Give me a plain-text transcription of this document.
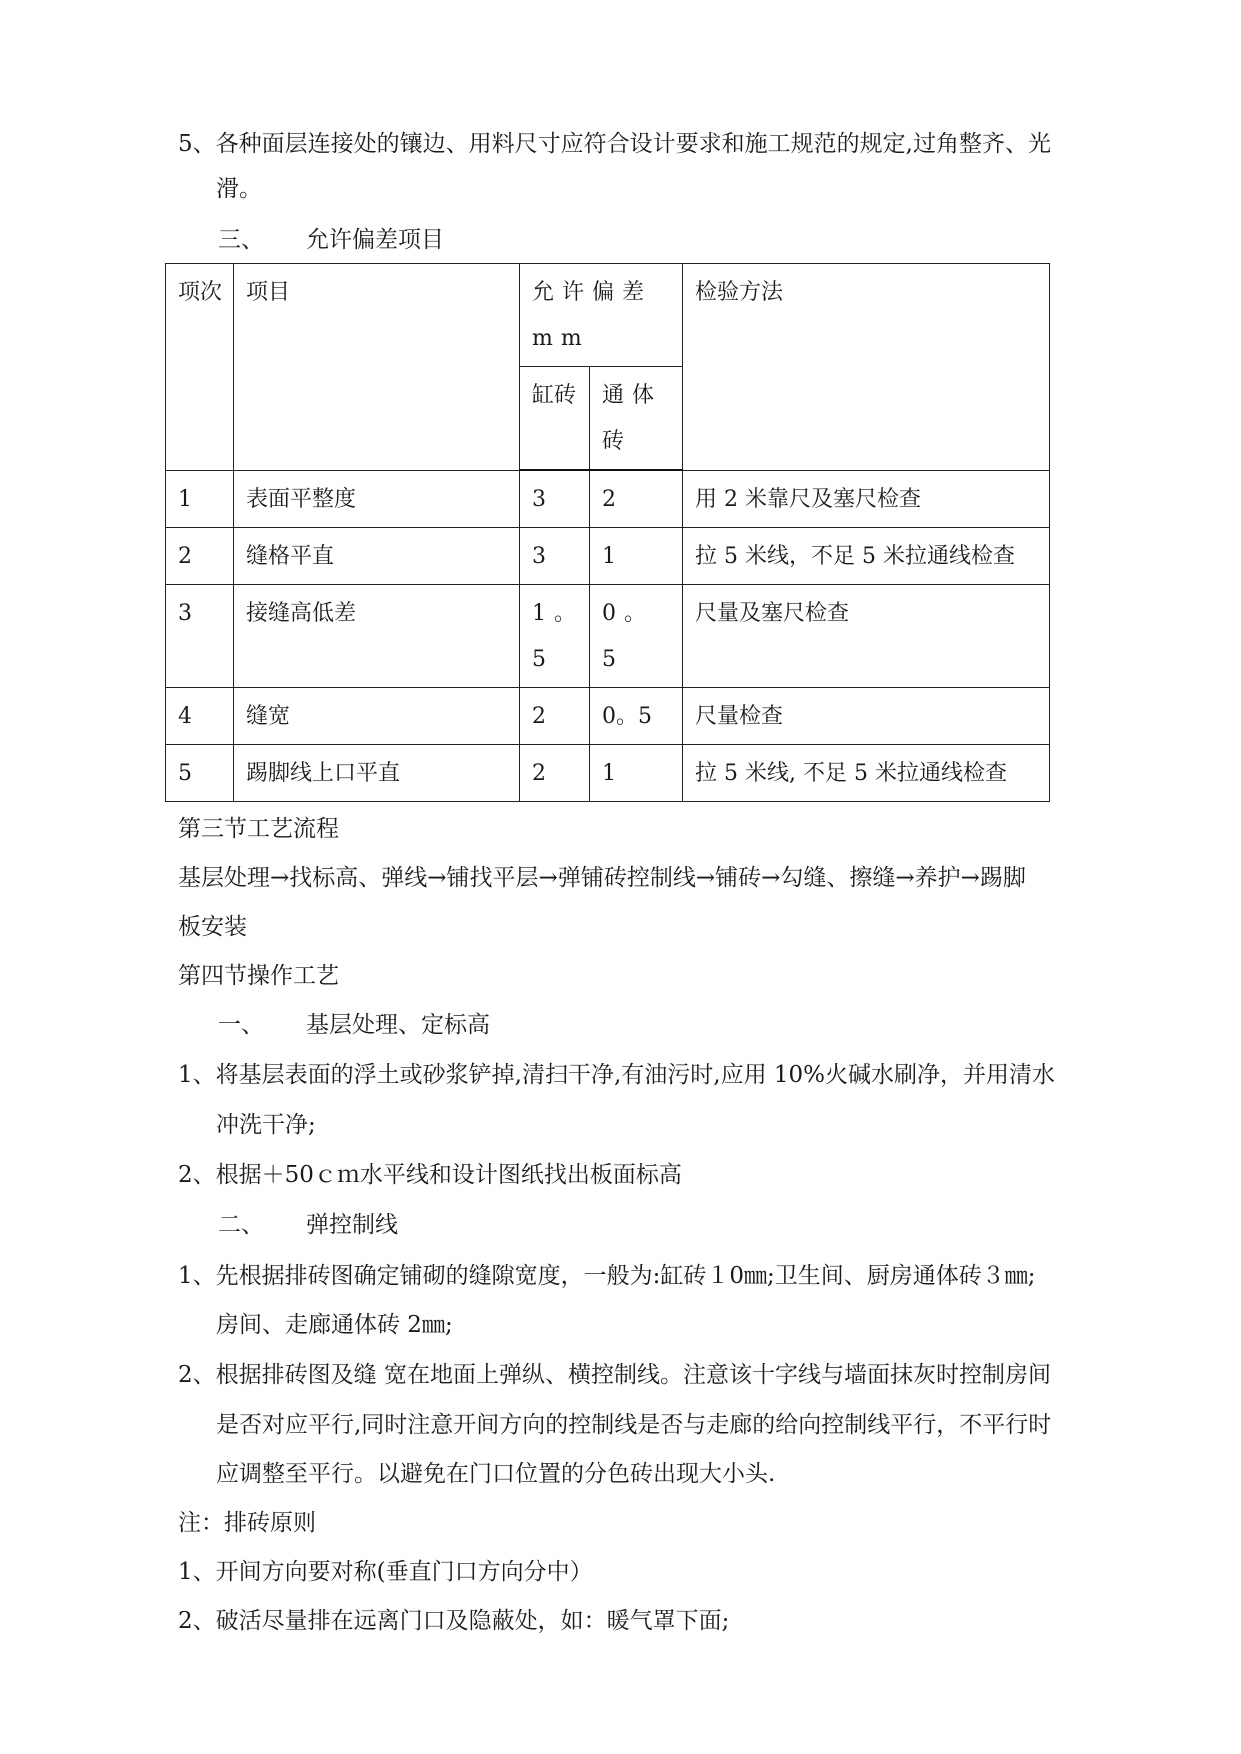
5、各种面层连接处的镶边、用料尺寸应符合设计要求和施工规范的规定,过角整齐、光
滑。
三、 允许偏差项目
项次	项目	允许偏差 mm		检验方法
		缸砖	通体砖	
1	表面平整度	3	2	用 2 米靠尺及塞尺检查
2	缝格平直	3	1	拉 5 米线，不足 5 米拉通线检查
3	接缝高低差	1。5	0。5	尺量及塞尺检查
4	缝宽	2	0。5	尺量检查
5	踢脚线上口平直	2	1	拉 5 米线, 不足 5 米拉通线检查
第三节工艺流程
基层处理→找标高、弹线→铺找平层→弹铺砖控制线→铺砖→勾缝、擦缝→养护→踢脚
板安装
第四节操作工艺
一、 基层处理、定标高
1、将基层表面的浮土或砂浆铲掉,清扫干净,有油污时,应用 10%火碱水刷净，并用清水
冲洗干净;
2、根据＋50ｃｍ水平线和设计图纸找出板面标高
二、 弹控制线
1、先根据排砖图确定铺砌的缝隙宽度，一般为:缸砖１0㎜;卫生间、厨房通体砖３㎜;
房间、走廊通体砖 2㎜;
2、根据排砖图及缝 宽在地面上弹纵、横控制线。注意该十字线与墙面抹灰时控制房间
是否对应平行,同时注意开间方向的控制线是否与走廊的给向控制线平行，不平行时
应调整至平行。以避免在门口位置的分色砖出现大小头.
注：排砖原则
1、开间方向要对称(垂直门口方向分中）
2、破活尽量排在远离门口及隐蔽处，如：暖气罩下面;
